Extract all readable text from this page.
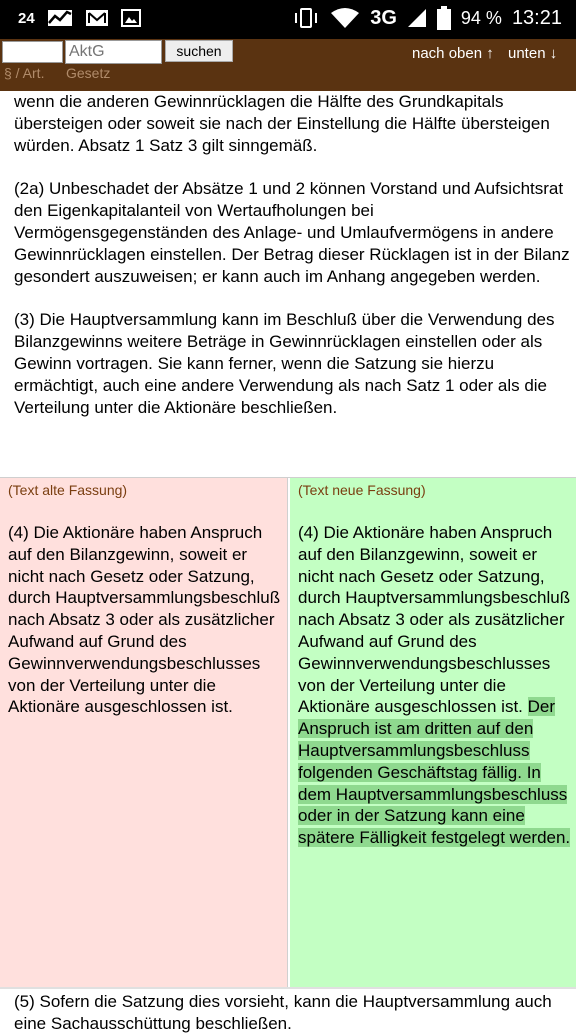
24	3G	94 % 13:21
AktG
suchen
§ / Art. Gesetz
nach oben ↑ unten ↓

wenn die anderen Gewinnrücklagen die Hälfte des Grundkapitals übersteigen oder soweit sie nach der Einstellung die Hälfte übersteigen würden. Absatz 1 Satz 3 gilt sinngemäß.

(2a) Unbeschadet der Absätze 1 und 2 können Vorstand und Aufsichtsrat den Eigenkapitalanteil von Wertaufholungen bei Vermögensgegenständen des Anlage- und Umlaufvermögens in andere Gewinnrücklagen einstellen. Der Betrag dieser Rücklagen ist in der Bilanz gesondert auszuweisen; er kann auch im Anhang angegeben werden.

(3) Die Hauptversammlung kann im Beschluß über die Verwendung des Bilanzgewinns weitere Beträge in Gewinnrücklagen einstellen oder als Gewinn vortragen. Sie kann ferner, wenn die Satzung sie hierzu ermächtigt, auch eine andere Verwendung als nach Satz 1 oder als die Verteilung unter die Aktionäre beschließen.

(Text alte Fassung)
(4) Die Aktionäre haben Anspruch auf den Bilanzgewinn, soweit er nicht nach Gesetz oder Satzung, durch Hauptversammlungsbeschluß nach Absatz 3 oder als zusätzlicher Aufwand auf Grund des Gewinnverwendungsbeschlusses von der Verteilung unter die Aktionäre ausgeschlossen ist.
(Text neue Fassung)
(4) Die Aktionäre haben Anspruch auf den Bilanzgewinn, soweit er nicht nach Gesetz oder Satzung, durch Hauptversammlungsbeschluß nach Absatz 3 oder als zusätzlicher Aufwand auf Grund des Gewinnverwendungsbeschlusses von der Verteilung unter die Aktionäre ausgeschlossen ist. Der Anspruch ist am dritten auf den Hauptversammlungsbeschluss folgenden Geschäftstag fällig. In dem Hauptversammlungsbeschluss oder in der Satzung kann eine spätere Fälligkeit festgelegt werden.
(5) Sofern die Satzung dies vorsieht, kann die Hauptversammlung auch eine Sachausschüttung beschließen.
